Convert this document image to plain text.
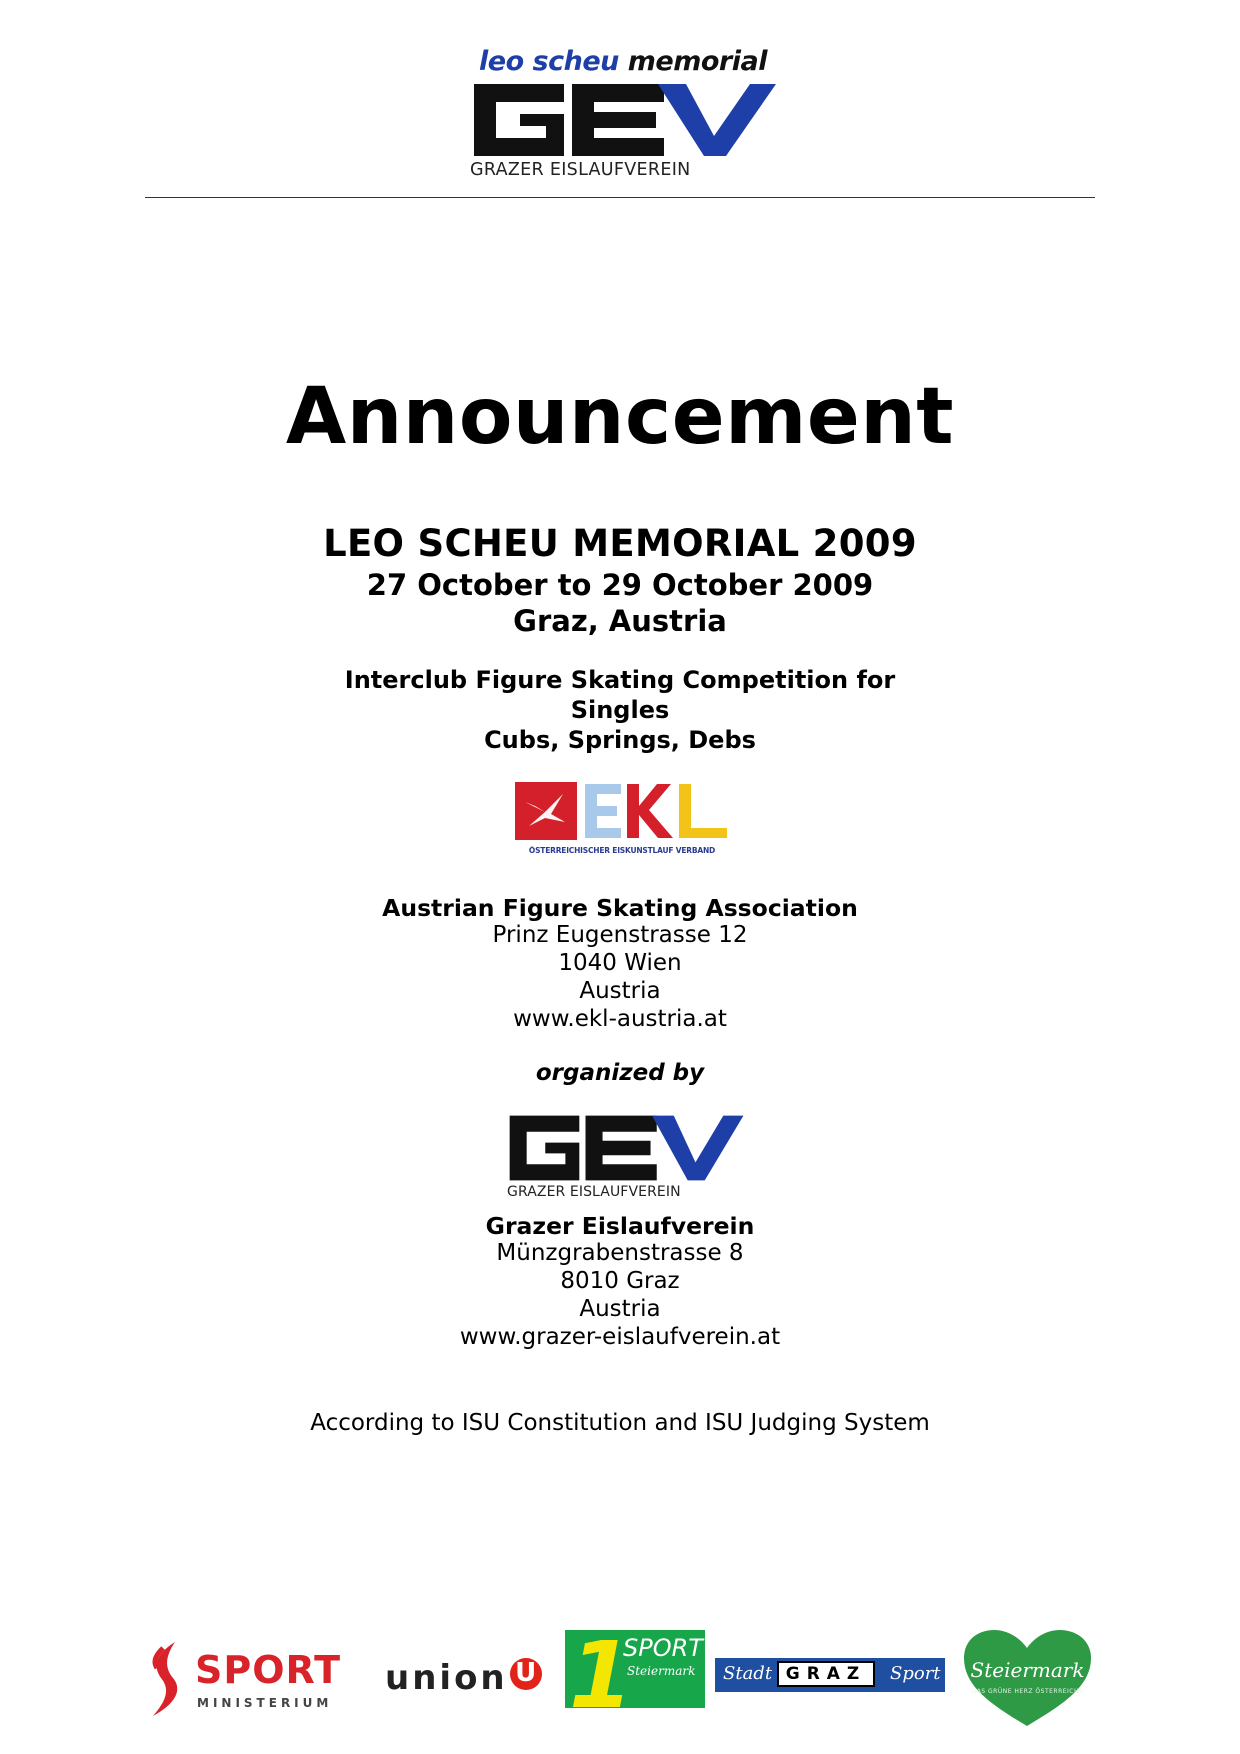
leo scheu memorial
GRAZER EISLAUFVEREIN
Announcement
LEO SCHEU MEMORIAL 2009
27 October to 29 October 2009
Graz, Austria
Interclub Figure Skating Competition for
Singles
Cubs, Springs, Debs
ÖSTERREICHISCHER EISKUNSTLAUF VERBAND
Austrian Figure Skating Association
Prinz Eugenstrasse 12
1040 Wien
Austria
www.ekl-austria.at
organized by
GRAZER EISLAUFVEREIN
Grazer Eislaufverein
Münzgrabenstrasse 8
8010 Graz
Austria
www.grazer-eislaufverein.at
According to ISU Constitution and ISU Judging System
SPORT
MINISTERIUM
union U 1
SPORT
Steiermark Stadt GRAZ	Sport	Steiermark
DAS GRÜNE HERZ ÖSTERREICHS
